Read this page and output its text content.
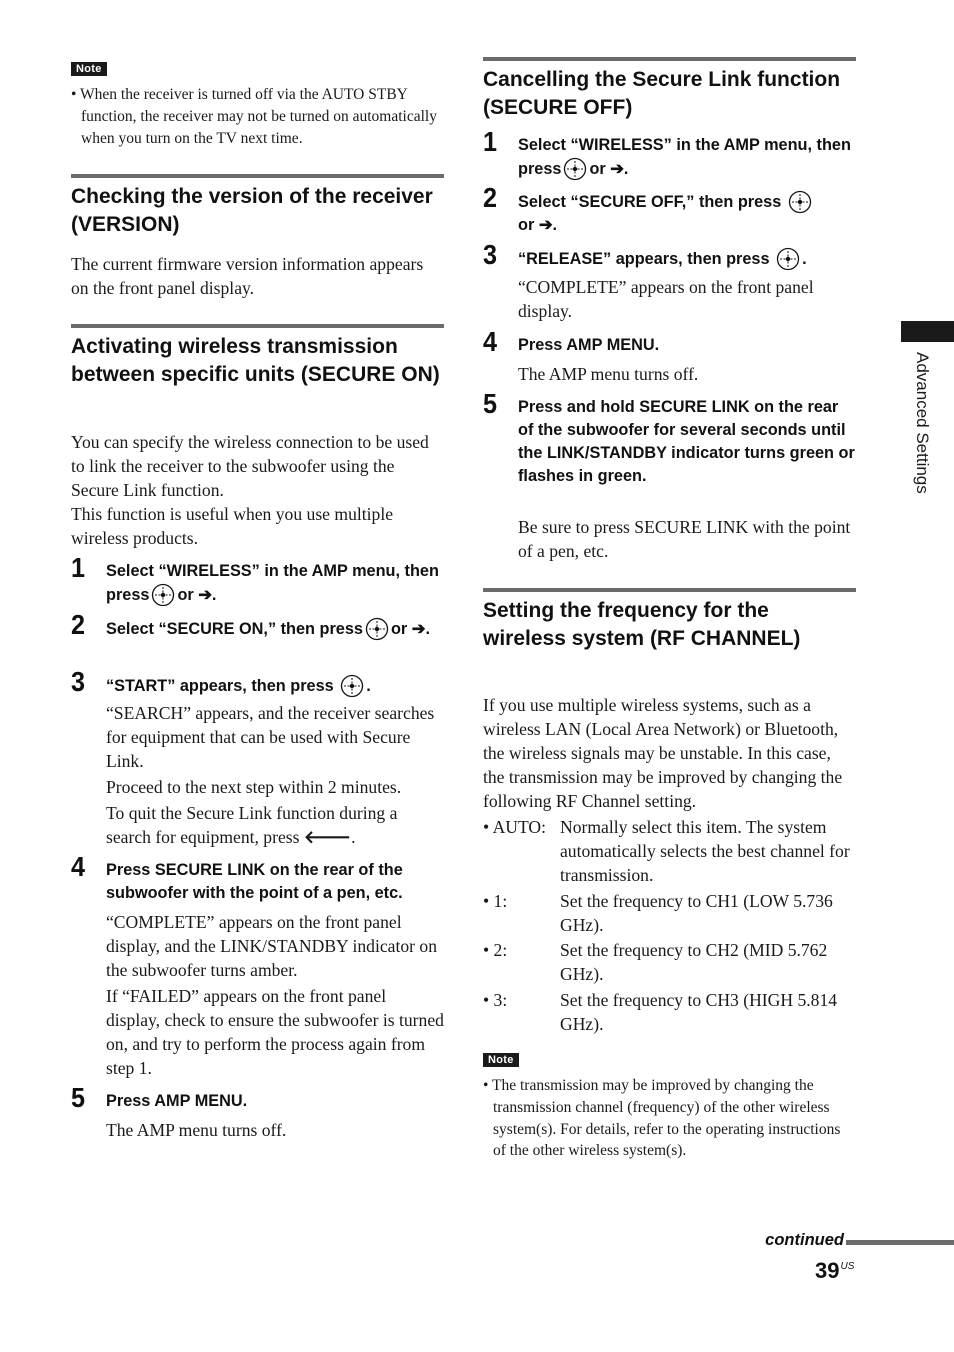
Note
• When the receiver is turned off via the AUTO STBY function, the receiver may not be turned on automatically when you turn on the TV next time.
Checking the version of the receiver (VERSION)

The current firmware version information appears on the front panel display.

Activating wireless transmission between specific units (SECURE ON)

You can specify the wireless connection to be used to link the receiver to the subwoofer using the Secure Link function.

This function is useful when you use multiple wireless products.

1 Select “WIRELESS” in the AMP menu, then press or ➔.

2 Select “SECURE ON,” then press or ➔.

3 “START” appears, then press .

“SEARCH” appears, and the receiver searches for equipment that can be used with Secure Link.

Proceed to the next step within 2 minutes.

To quit the Secure Link function during a search for equipment, press 🡐.

4 Press SECURE LINK on the rear of the subwoofer with the point of a pen, etc.

“COMPLETE” appears on the front panel display, and the LINK/STANDBY indicator on the subwoofer turns amber.

If “FAILED” appears on the front panel display, check to ensure the subwoofer is turned on, and try to perform the process again from step 1.

5 Press AMP MENU.

The AMP menu turns off.

Cancelling the Secure Link function (SECURE OFF)
1 Select “WIRELESS” in the AMP menu, then press or ➔.

2 Select “SECURE OFF,” then press
or ➔.

3 “RELEASE” appears, then press .

“COMPLETE” appears on the front panel display.

4 Press AMP MENU.

The AMP menu turns off.

5 Press and hold SECURE LINK on the rear of the subwoofer for several seconds until the LINK/STANDBY indicator turns green or flashes in green.

Be sure to press SECURE LINK with the point of a pen, etc.

Setting the frequency for the wireless system (RF CHANNEL)

If you use multiple wireless systems, such as a wireless LAN (Local Area Network) or Bluetooth, the wireless signals may be unstable. In this case, the transmission may be improved by changing the following RF Channel setting.

• AUTO: Normally select this item. The system automatically selects the best channel for transmission.
• 1:	Set the frequency to CH1 (LOW 5.736 GHz).
• 2:	Set the frequency to CH2 (MID 5.762 GHz).
• 3:	Set the frequency to CH3 (HIGH 5.814 GHz).
Note
• The transmission may be improved by changing the transmission channel (frequency) of the other wireless system(s). For details, refer to the operating instructions of the other wireless system(s).
Advanced Settings
continued
$39^{US}$
